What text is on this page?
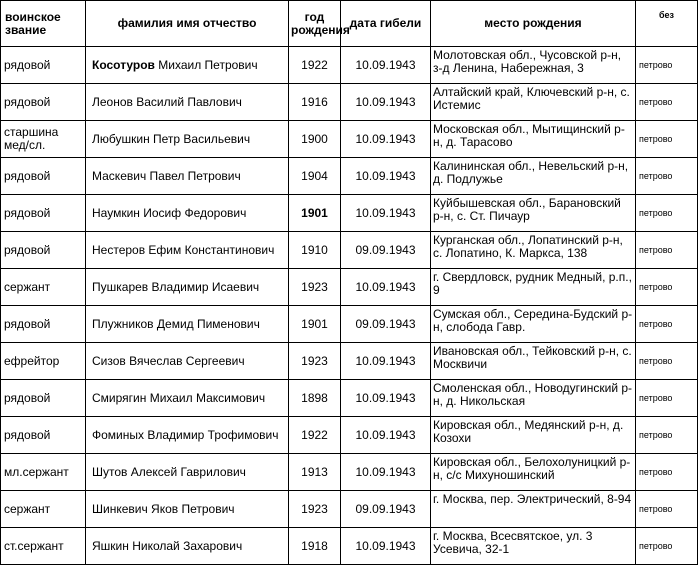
воинское звание	фамилия имя отчество	год рождения	дата гибели	место рождения	без
рядовой	Косотуров Михаил Петрович	1922	10.09.1943	Молотовская обл., Чусовской р-н, з-д Ленина, Набережная, 3	петрово
рядовой	Леонов Василий Павлович	1916	10.09.1943	Алтайский край, Ключевский р-н, с. Истемис	петрово
старшина мед/сл.	Любушкин Петр Васильевич	1900	10.09.1943	Московская обл., Мытищинский р-н, д. Тарасово	петрово
рядовой	Маскевич Павел Петрович	1904	10.09.1943	Калининская обл., Невельский р-н, д. Подлужье	петрово
рядовой	Наумкин Иосиф Федорович	1901	10.09.1943	Куйбышевская обл., Барановский р-н, с. Ст. Пичаур	петрово
рядовой	Нестеров Ефим Константинович	1910	09.09.1943	Курганская обл., Лопатинский р-н, с. Лопатино, К. Маркса, 138	петрово
сержант	Пушкарев Владимир Исаевич	1923	10.09.1943	г. Свердловск, рудник Медный, р.п., 9	петрово
рядовой	Плужников Демид Пименович	1901	09.09.1943	Сумская обл., Середина-Будский р-н, слобода Гавр.	петрово
ефрейтор	Сизов Вячеслав Сергеевич	1923	10.09.1943	Ивановская обл., Тейковский р-н, с. Москвичи	петрово
рядовой	Смирягин Михаил Максимович	1898	10.09.1943	Смоленская обл., Новодугинский р-н, д. Никольская	петрово
рядовой	Фоминых Владимир Трофимович	1922	10.09.1943	Кировская обл., Медянский р-н, д. Козохи	петрово
мл.сержант	Шутов Алексей Гаврилович	1913	10.09.1943	Кировская обл., Белохолуницкий р-н, с/с Михуношинский	петрово
сержант	Шинкевич Яков Петрович	1923	09.09.1943	г. Москва, пер. Электрический, 8-94	петрово
ст.сержант	Яшкин Николай Захарович	1918	10.09.1943	г. Москва, Всесвятское, ул. 3 Усевича, 32-1	петрово
